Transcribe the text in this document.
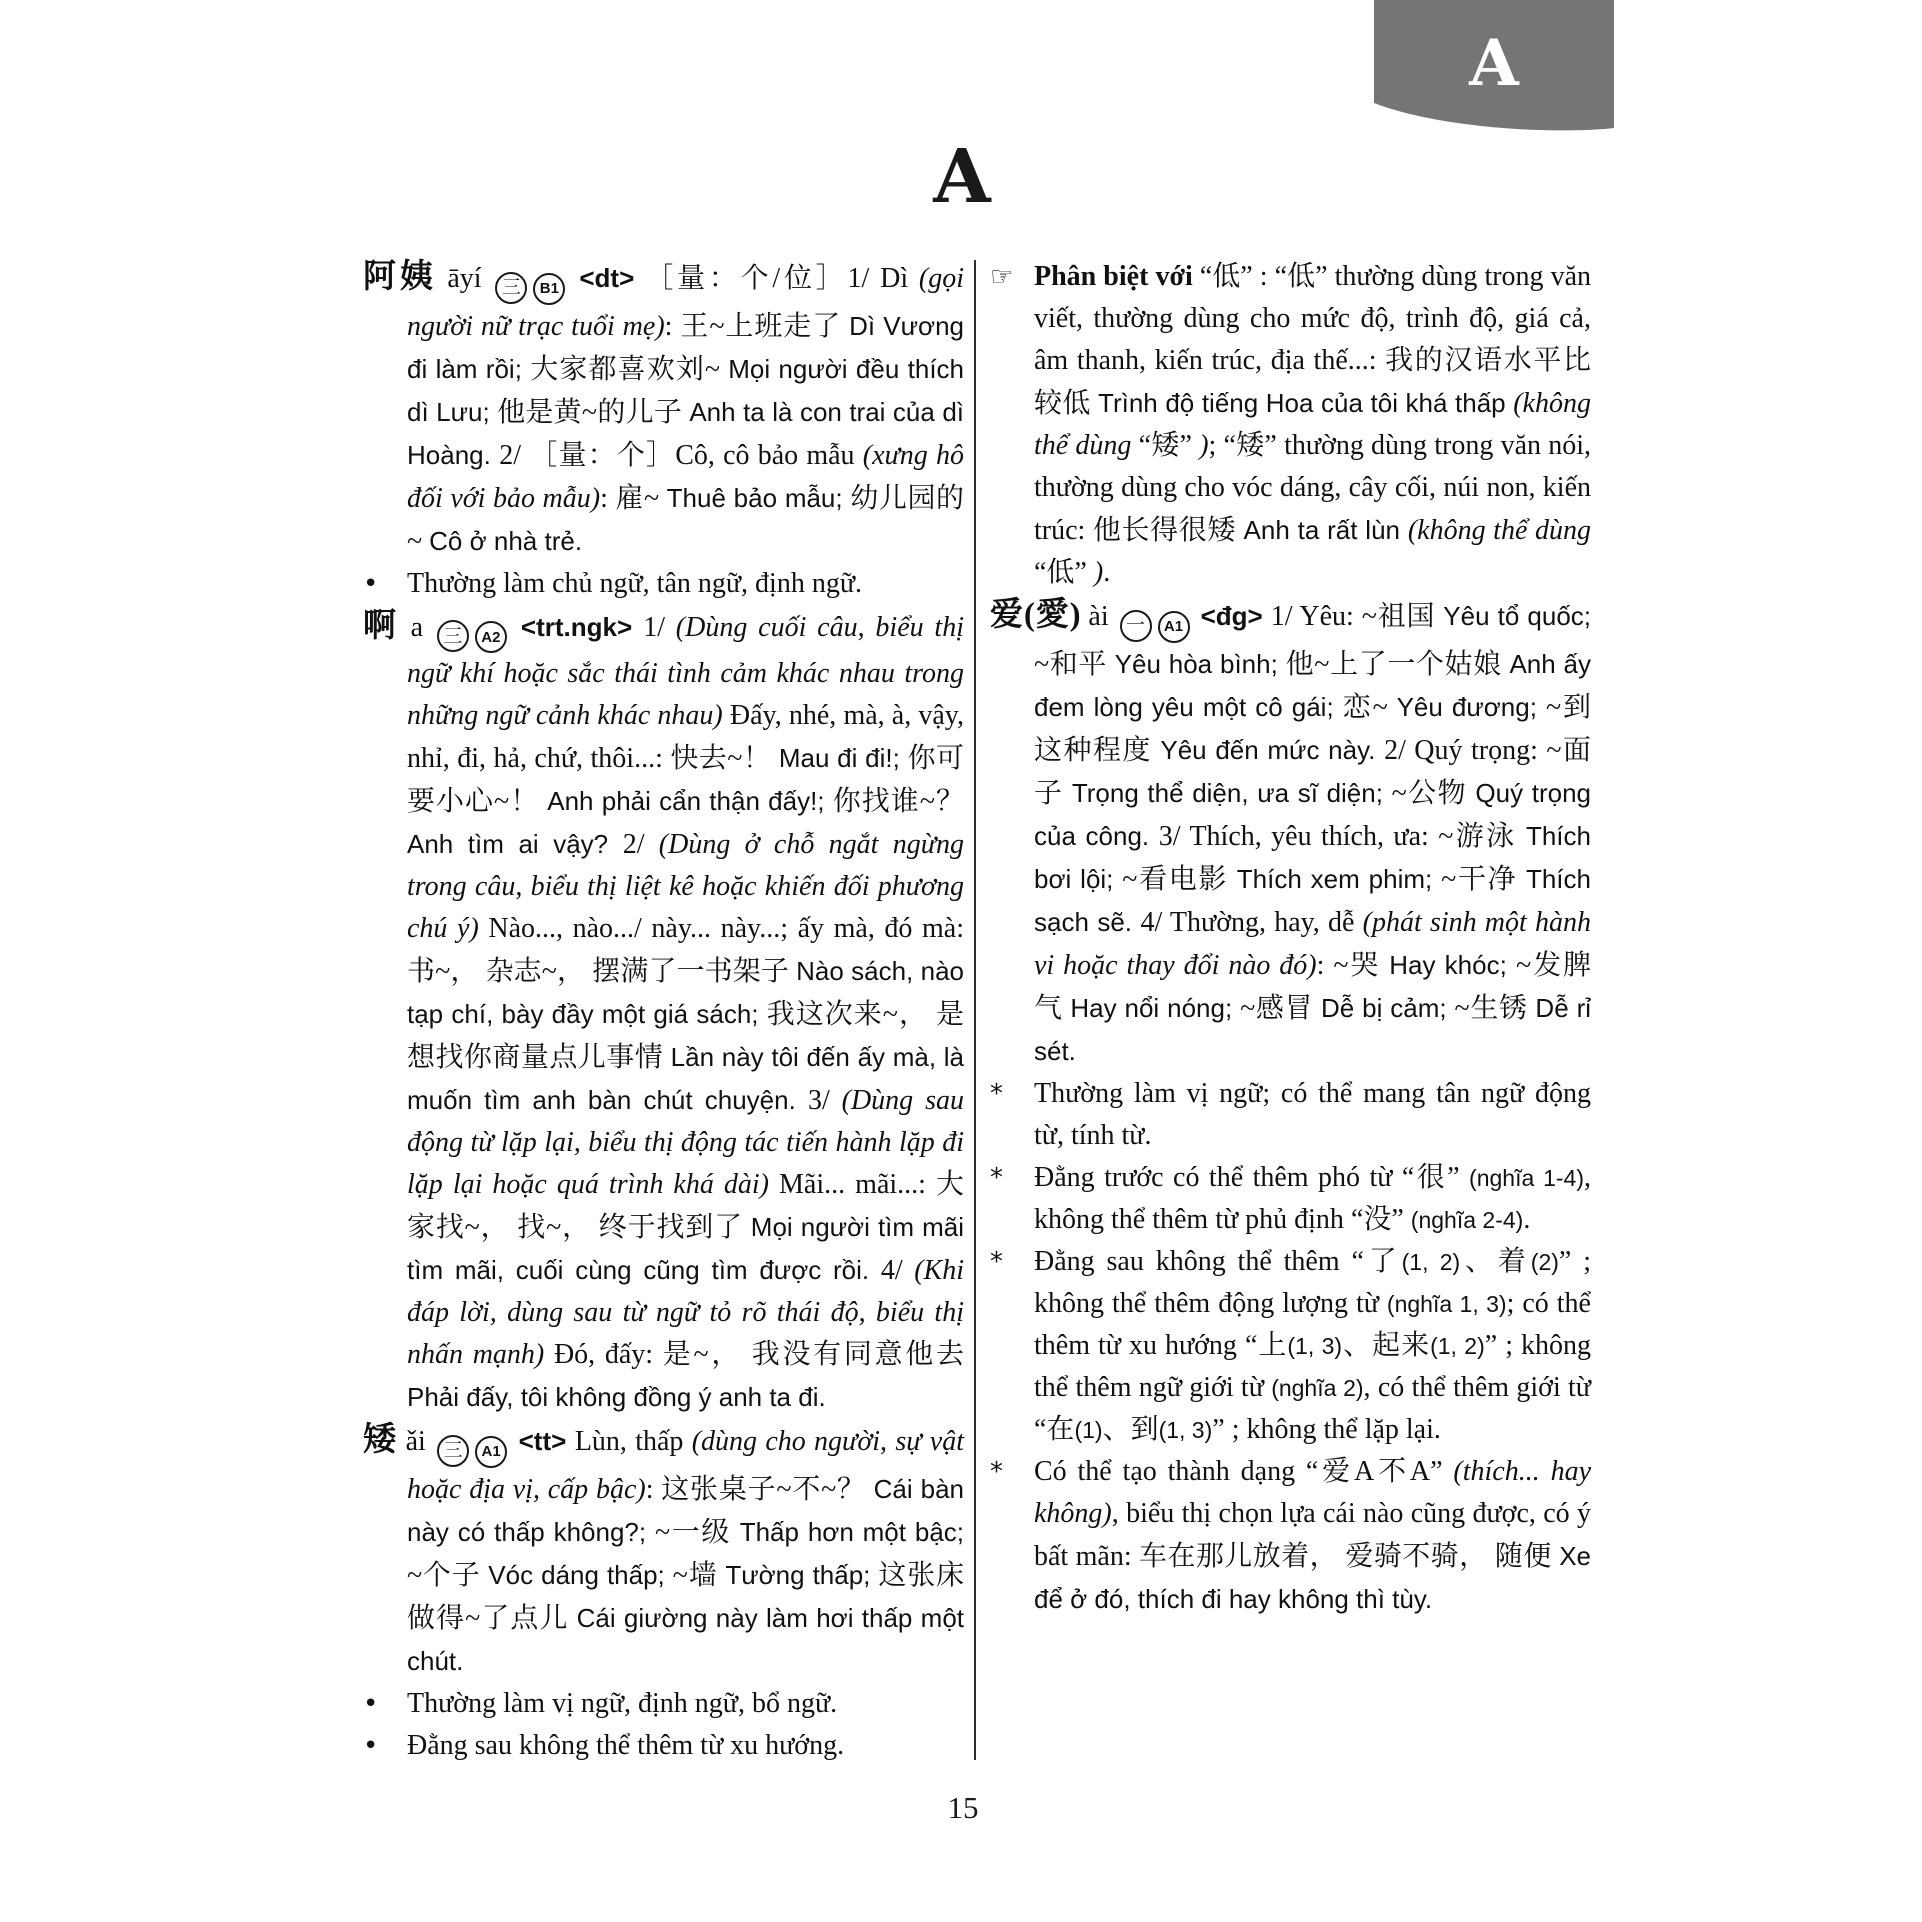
A
A
阿姨 āyí 三 B1 <dt> ［量：个/位］1/ Dì (gọi người nữ trạc tuổi mẹ): 王~上班走了 Dì Vương đi làm rồi; 大家都喜欢刘~ Mọi người đều thích dì Lưu; 他是黄~的儿子 Anh ta là con trai của dì Hoàng. 2/ ［量：个］Cô, cô bảo mẫu (xưng hô đối với bảo mẫu): 雇~ Thuê bảo mẫu; 幼儿园的~ Cô ở nhà trẻ.
• Thường làm chủ ngữ, tân ngữ, định ngữ.
啊 a 三 A2 <trt.ngk> 1/ (Dùng cuối câu, biểu thị ngữ khí hoặc sắc thái tình cảm khác nhau trong những ngữ cảnh khác nhau) Đấy, nhé, mà, à, vậy, nhỉ, đi, hả, chứ, thôi...: 快去~！ Mau đi đi!; 你可要小心~！ Anh phải cẩn thận đấy!; 你找谁~？ Anh tìm ai vậy? 2/ (Dùng ở chỗ ngắt ngừng trong câu, biểu thị liệt kê hoặc khiến đối phương chú ý) Nào..., nào.../ này... này...; ấy mà, đó mà: 书~， 杂志~， 摆满了一书架子 Nào sách, nào tạp chí, bày đầy một giá sách; 我这次来~， 是想找你商量点儿事情 Lần này tôi đến ấy mà, là muốn tìm anh bàn chút chuyện. 3/ (Dùng sau động từ lặp lại, biểu thị động tác tiến hành lặp đi lặp lại hoặc quá trình khá dài) Mãi... mãi...: 大家找~， 找~， 终于找到了 Mọi người tìm mãi tìm mãi, cuối cùng cũng tìm được rồi. 4/ (Khi đáp lời, dùng sau từ ngữ tỏ rõ thái độ, biểu thị nhấn mạnh) Đó, đấy: 是~， 我没有同意他去 Phải đấy, tôi không đồng ý anh ta đi.
矮 ǎi 三 A1 <tt> Lùn, thấp (dùng cho người, sự vật hoặc địa vị, cấp bậc): 这张桌子~不~？ Cái bàn này có thấp không?; ~一级 Thấp hơn một bậc; ~个子 Vóc dáng thấp; ~墙 Tường thấp; 这张床做得~了点儿 Cái giường này làm hơi thấp một chút.
• Thường làm vị ngữ, định ngữ, bổ ngữ.
• Đằng sau không thể thêm từ xu hướng.
☞ Phân biệt với “低” : “低” thường dùng trong văn viết, thường dùng cho mức độ, trình độ, giá cả, âm thanh, kiến trúc, địa thế...: 我的汉语水平比较低 Trình độ tiếng Hoa của tôi khá thấp (không thể dùng “矮” ); “矮” thường dùng trong văn nói, thường dùng cho vóc dáng, cây cối, núi non, kiến trúc: 他长得很矮 Anh ta rất lùn (không thể dùng “低” ).
爱(愛) ài 一 A1 <đg> 1/ Yêu: ~祖国 Yêu tổ quốc; ~和平 Yêu hòa bình; 他~上了一个姑娘 Anh ấy đem lòng yêu một cô gái; 恋~ Yêu đương; ~到这种程度 Yêu đến mức này. 2/ Quý trọng: ~面子 Trọng thể diện, ưa sĩ diện; ~公物 Quý trọng của công. 3/ Thích, yêu thích, ưa: ~游泳 Thích bơi lội; ~看电影 Thích xem phim; ~干净 Thích sạch sẽ. 4/ Thường, hay, dễ (phát sinh một hành vi hoặc thay đổi nào đó): ~哭 Hay khóc; ~发脾气 Hay nổi nóng; ~感冒 Dễ bị cảm; ~生锈 Dễ rỉ sét.
* Thường làm vị ngữ; có thể mang tân ngữ động từ, tính từ.
* Đằng trước có thể thêm phó từ “很” (nghĩa 1-4), không thể thêm từ phủ định “没” (nghĩa 2-4).
* Đằng sau không thể thêm “了(1, 2)、着(2)” ; không thể thêm động lượng từ (nghĩa 1, 3); có thể thêm từ xu hướng “上(1, 3)、起来(1, 2)” ; không thể thêm ngữ giới từ (nghĩa 2), có thể thêm giới từ “在(1)、到(1, 3)” ; không thể lặp lại.
* Có thể tạo thành dạng “爱A不A” (thích... hay không), biểu thị chọn lựa cái nào cũng được, có ý bất mãn: 车在那儿放着， 爱骑不骑， 随便 Xe để ở đó, thích đi hay không thì tùy.
15
